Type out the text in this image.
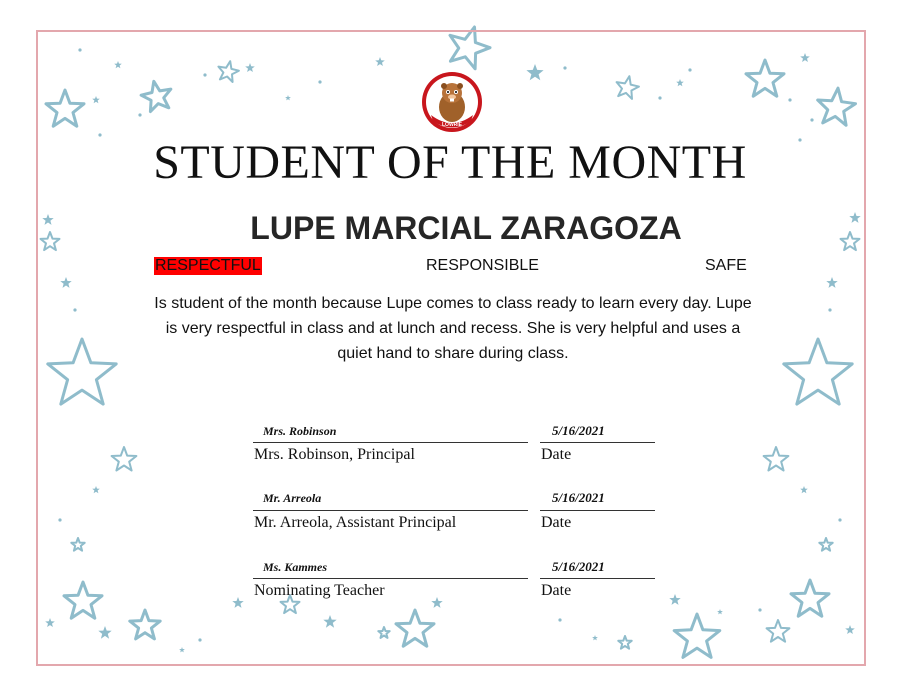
LOWRIE
STUDENT OF THE MONTH
LUPE MARCIAL ZARAGOZA
RESPECTFUL	RESPONSIBLE	SAFE
Is student of the month because Lupe comes to class ready to learn every day. Lupe is very respectful in class and at lunch and recess. She is very helpful and uses a quiet hand to share during class.
Mrs. Robinson	5/16/2021
Mrs. Robinson, Principal	Date
Mr. Arreola	5/16/2021
Mr. Arreola, Assistant Principal	Date
Ms. Kammes	5/16/2021
Nominating Teacher	Date
